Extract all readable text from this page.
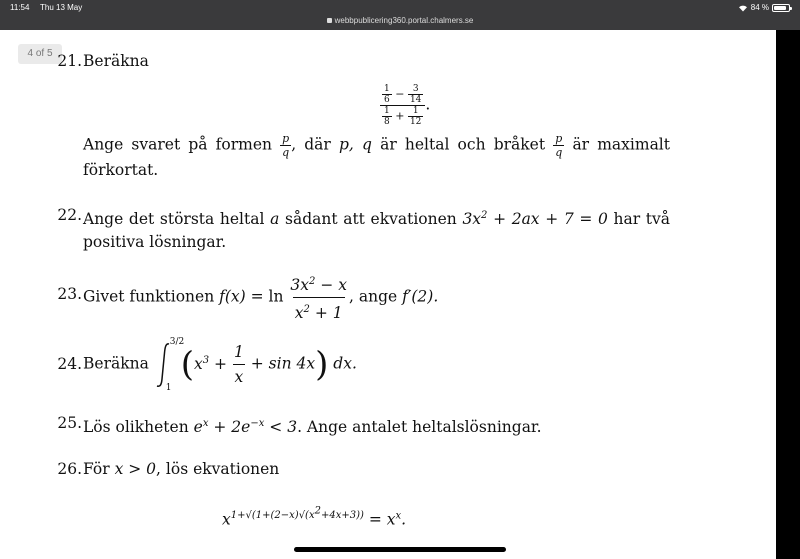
11:54 Thu 13 May	84 %
webbpublicering360.portal.chalmers.se
4 of 5 21. Beräkna
$\frac{\frac{1}{6} - \frac{3}{14}}{\frac{1}{8} + \frac{1}{12}}$ .
Ange svaret på formen $\frac{p}{q}$ , där p, q är heltal och bråket $\frac{p}{q}$ är maximalt förkortat.
22. Ange det största heltal a sådant att ekvationen $3x^2 + 2ax + 7 = 0$ har två positiva lösningar.
23. Givet funktionen $f(x) = \ln \frac{3x^2 - x}{x^2 + 1}$ , ange f′(2).
24. Beräkna
3/2
1
$(x^3 + \frac{1}{x} + \sin 4x)$ dx.
25. Lös olikheten $e^x + 2e^{-x} < 3$. Ange antalet heltalslösningar.
26. För x > 0, lös ekvationen
$x^{1+√(1+(2-x)√(x^2+4x+3))} = x^x$.
